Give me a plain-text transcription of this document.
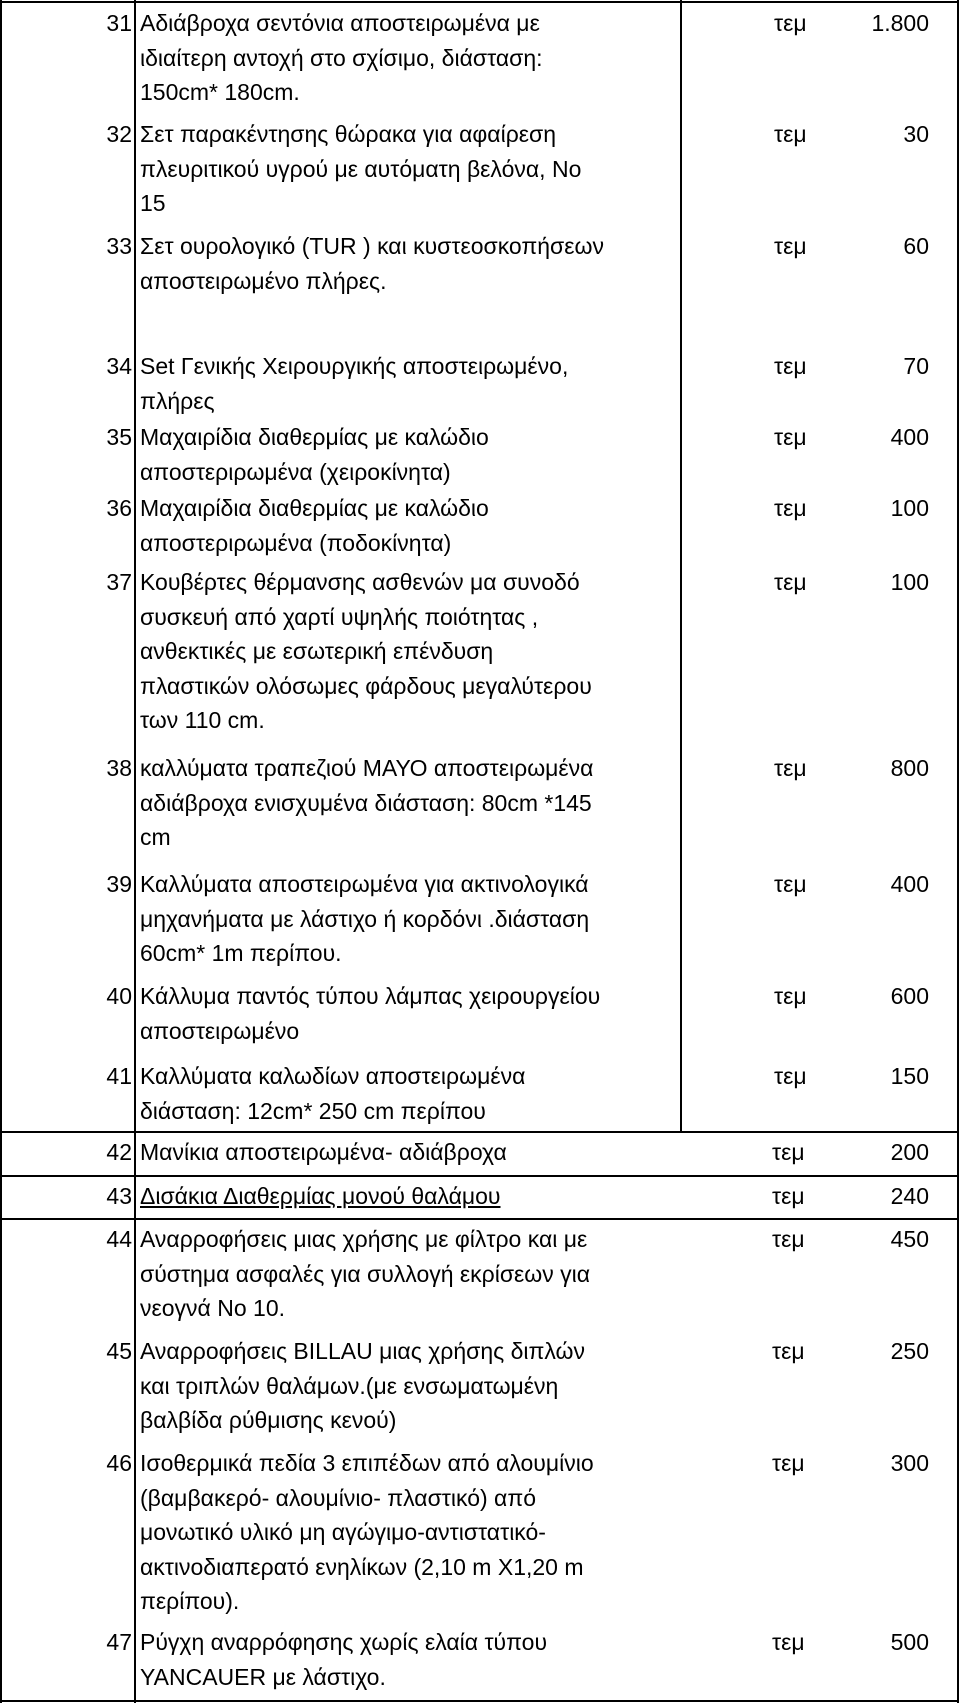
31 Αδιάβροχα σεντόνια αποστειρωμένα με
ιδιαίτερη αντοχή στο σχίσιμο, διάσταση:
150cm* 180cm.
τεμ	1.800
32 Σετ παρακέντησης θώρακα για αφαίρεση
πλευριτικού υγρού με αυτόματη βελόνα, Νο
15
τεμ	30
33 Σετ ουρολογικό (TUR ) και κυστεοσκοπήσεων
αποστειρωμένο πλήρες.
τεμ	60
34 Set Γενικής Χειρουργικής αποστειρωμένο,
πλήρες
τεμ	70
35 Μαχαιρίδια διαθερμίας με καλώδιο
αποστεριρωμένα (χειροκίνητα)
τεμ	400
36 Μαχαιρίδια διαθερμίας με καλώδιο
αποστεριρωμένα (ποδοκίνητα)
τεμ	100
37 Κουβέρτες θέρμανσης ασθενών μα συνοδό
συσκευή από χαρτί υψηλής ποιότητας ,
ανθεκτικές με εσωτερική επένδυση
πλαστικών ολόσωμες φάρδους μεγαλύτερου
των 110 cm.
τεμ	100
38 καλλύματα τραπεζιού ΜΑΥΟ αποστειρωμένα
αδιάβροχα ενισχυμένα διάσταση: 80cm *145
cm
τεμ	800
39 Καλλύματα αποστειρωμένα για ακτινολογικά
μηχανήματα με λάστιχο ή κορδόνι .διάσταση
60cm* 1m περίπου.
τεμ	400
40 Κάλλυμα παντός τύπου λάμπας χειρουργείου
αποστειρωμένο
τεμ	600
41 Καλλύματα καλωδίων αποστειρωμένα
διάσταση: 12cm* 250 cm περίπου
τεμ	150
42 Μανίκια αποστειρωμένα- αδιάβροχα	τεμ	200
43 Δισάκια Διαθερμίας μονού θαλάμου	τεμ	240
44 Αναρροφήσεις μιας χρήσης με φίλτρο και με
σύστημα ασφαλές για συλλογή εκρίσεων για
νεογνά Νο 10.
τεμ	450
45 Αναρροφήσεις BILLAU μιας χρήσης διπλών
και τριπλών θαλάμων.(με ενσωματωμένη
βαλβίδα ρύθμισης κενού)
τεμ	250
46 Ισοθερμικά πεδία 3 επιπέδων από αλουμίνιο
(βαμβακερό- αλουμίνιο- πλαστικό) από
μονωτικό υλικό μη αγώγιμο-αντιστατικό-
ακτινοδιαπερατό ενηλίκων (2,10 m X1,20 m
περίπου).
τεμ	300
47 Ρύγχη αναρρόφησης χωρίς ελαία τύπου
YANCAUER με λάστιχο.
τεμ	500
